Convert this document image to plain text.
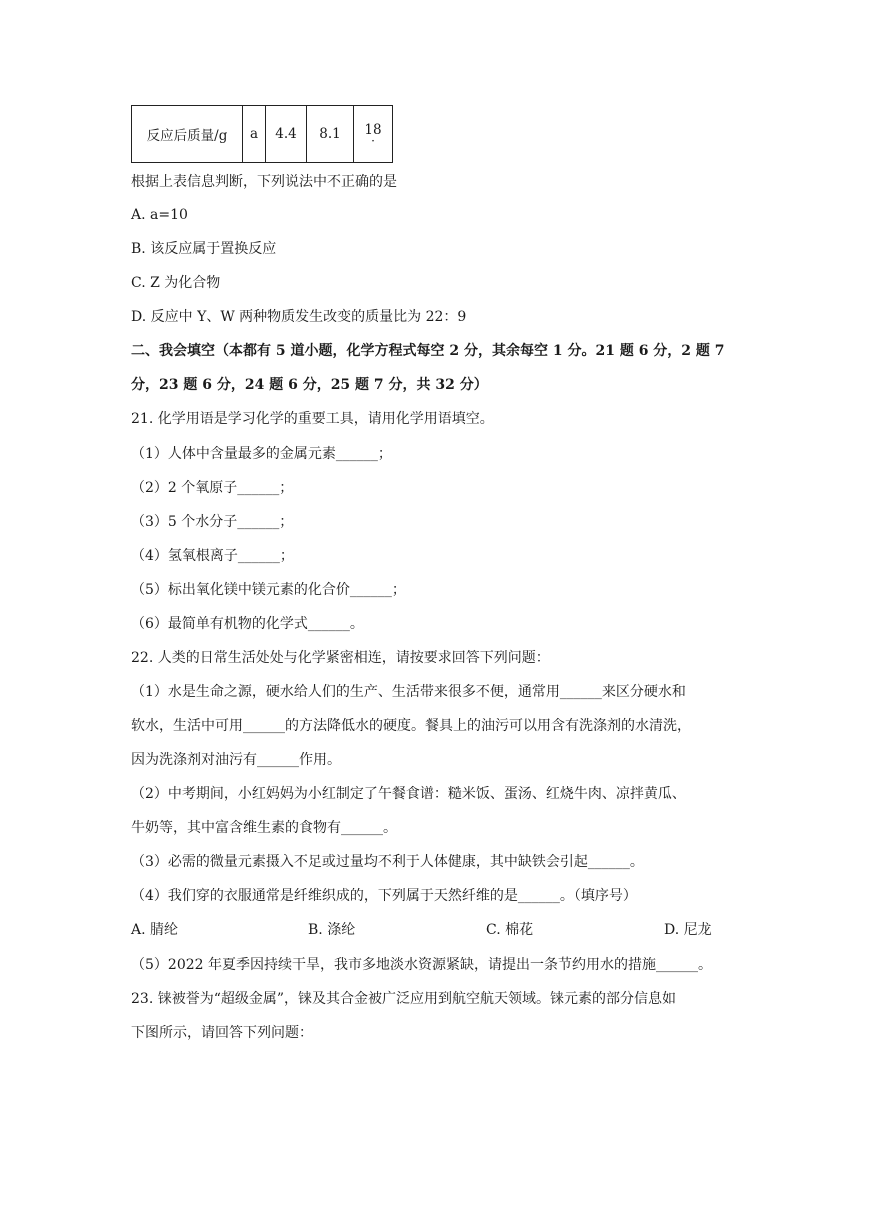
反应后质量/g	a	4.4	8.1	18
·
根据上表信息判断，下列说法中不正确的是
A. a=10
B. 该反应属于置换反应
C. Z 为化合物
D. 反应中 Y、W 两种物质发生改变的质量比为 22：9
二、我会填空（本都有 5 道小题，化学方程式每空 2 分，其余每空 1 分。21 题 6 分，2 题 7
分，23 题 6 分，24 题 6 分，25 题 7 分，共 32 分）
21. 化学用语是学习化学的重要工具，请用化学用语填空。
（1）人体中含量最多的金属元素______；
（2）2 个氧原子______；
（3）5 个水分子______；
（4）氢氧根离子______；
（5）标出氧化镁中镁元素的化合价______；
（6）最简单有机物的化学式______。
22. 人类的日常生活处处与化学紧密相连，请按要求回答下列问题：
（1）水是生命之源，硬水给人们的生产、生活带来很多不便，通常用______来区分硬水和
软水，生活中可用______的方法降低水的硬度。餐具上的油污可以用含有洗涤剂的水清洗，
因为洗涤剂对油污有______作用。
（2）中考期间，小红妈妈为小红制定了午餐食谱：糙米饭、蛋汤、红烧牛肉、凉拌黄瓜、
牛奶等，其中富含维生素的食物有______。
（3）必需的微量元素摄入不足或过量均不利于人体健康，其中缺铁会引起______。
（4）我们穿的衣服通常是纤维织成的，下列属于天然纤维的是______。（填序号）
A. 腈纶	B. 涤纶	C. 棉花	D. 尼龙
（5）2022 年夏季因持续干旱，我市多地淡水资源紧缺，请提出一条节约用水的措施______。
23. 铼被誉为“超级金属”，铼及其合金被广泛应用到航空航天领域。铼元素的部分信息如
下图所示，请回答下列问题：
